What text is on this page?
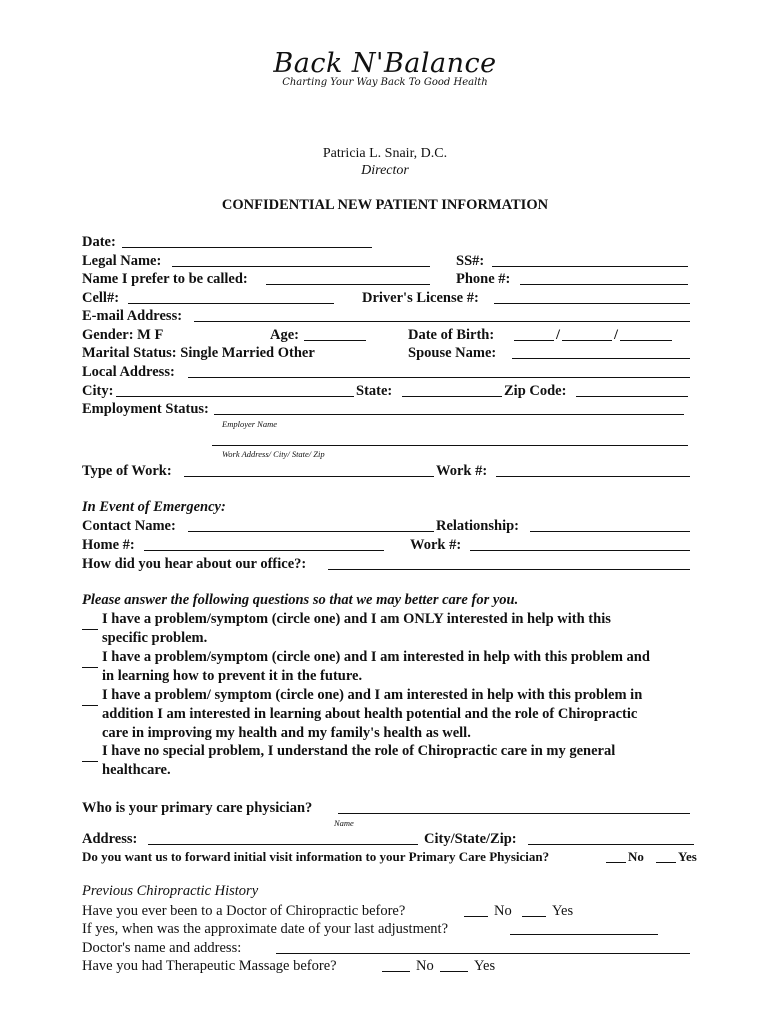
Back N'Balance
Charting Your Way Back To Good Health
Patricia L. Snair, D.C.
Director
CONFIDENTIAL NEW PATIENT INFORMATION
Date:
Legal Name:	SS#:
Name I prefer to be called:	Phone #:
Cell#:	Driver's License #:
E-mail Address:
Gender: M F	Age:	Date of Birth:	/	/
Marital Status: Single Married Other	Spouse Name:
Local Address:
City:	State:	Zip Code:
Employment Status:
Employer Name
Work Address/ City/ State/ Zip
Type of Work:	Work #:
In Event of Emergency:
Contact Name:	Relationship:
Home #:	Work #:
How did you hear about our office?:
Please answer the following questions so that we may better care for you.

I have a problem/symptom (circle one) and I am ONLY interested in help with this
specific problem.

I have a problem/symptom (circle one) and I am interested in help with this problem and
in learning how to prevent it in the future.

I have a problem/ symptom (circle one) and I am interested in help with this problem in
addition I am interested in learning about health potential and the role of Chiropractic
care in improving my health and my family's health as well.

I have no special problem, I understand the role of Chiropractic care in my general
healthcare.
Who is your primary care physician?
Name
Address:	City/State/Zip:
Do you want us to forward initial visit information to your Primary Care Physician?	No	Yes
Previous Chiropractic History
Have you ever been to a Doctor of Chiropractic before?	No	Yes
If yes, when was the approximate date of your last adjustment?
Doctor's name and address:
Have you had Therapeutic Massage before?	No	Yes
